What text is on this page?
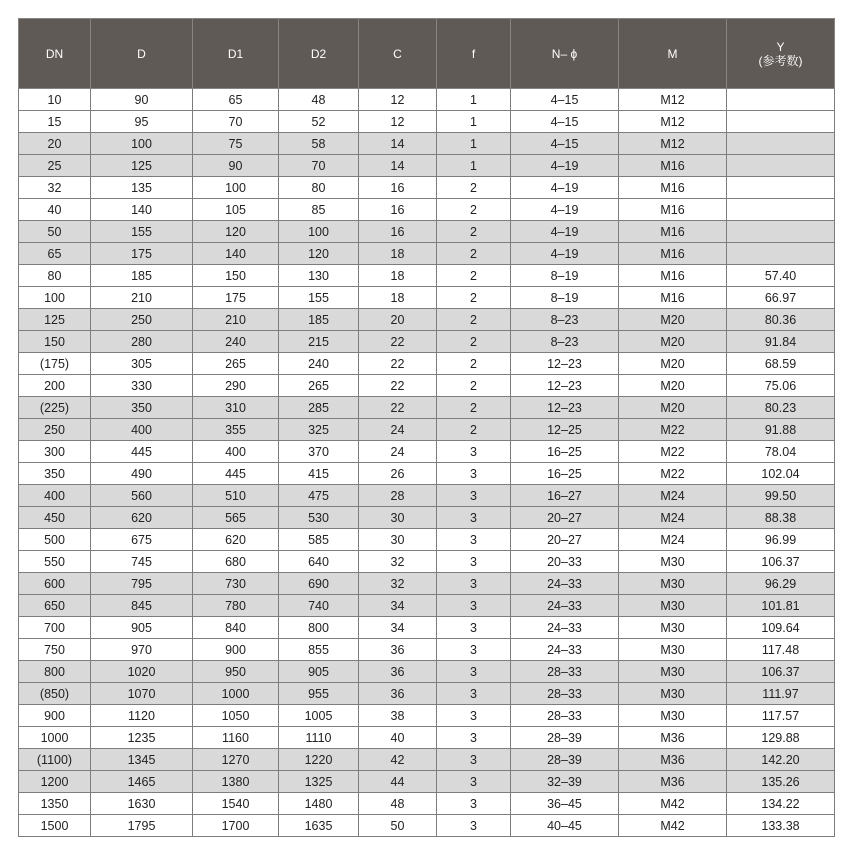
DN	D	D1	D2	C	f	N– ϕ	M	Y
(参考数)
10	90	65	48	12	1	4–15	M12	
15	95	70	52	12	1	4–15	M12	
20	100	75	58	14	1	4–15	M12	
25	125	90	70	14	1	4–19	M16	
32	135	100	80	16	2	4–19	M16	
40	140	105	85	16	2	4–19	M16	
50	155	120	100	16	2	4–19	M16	
65	175	140	120	18	2	4–19	M16	
80	185	150	130	18	2	8–19	M16	57.40
100	210	175	155	18	2	8–19	M16	66.97
125	250	210	185	20	2	8–23	M20	80.36
150	280	240	215	22	2	8–23	M20	91.84
(175)	305	265	240	22	2	12–23	M20	68.59
200	330	290	265	22	2	12–23	M20	75.06
(225)	350	310	285	22	2	12–23	M20	80.23
250	400	355	325	24	2	12–25	M22	91.88
300	445	400	370	24	3	16–25	M22	78.04
350	490	445	415	26	3	16–25	M22	102.04
400	560	510	475	28	3	16–27	M24	99.50
450	620	565	530	30	3	20–27	M24	88.38
500	675	620	585	30	3	20–27	M24	96.99
550	745	680	640	32	3	20–33	M30	106.37
600	795	730	690	32	3	24–33	M30	96.29
650	845	780	740	34	3	24–33	M30	101.81
700	905	840	800	34	3	24–33	M30	109.64
750	970	900	855	36	3	24–33	M30	117.48
800	1020	950	905	36	3	28–33	M30	106.37
(850)	1070	1000	955	36	3	28–33	M30	111.97
900	1120	1050	1005	38	3	28–33	M30	117.57
1000	1235	1160	1110	40	3	28–39	M36	129.88
(1100)	1345	1270	1220	42	3	28–39	M36	142.20
1200	1465	1380	1325	44	3	32–39	M36	135.26
1350	1630	1540	1480	48	3	36–45	M42	134.22
1500	1795	1700	1635	50	3	40–45	M42	133.38
